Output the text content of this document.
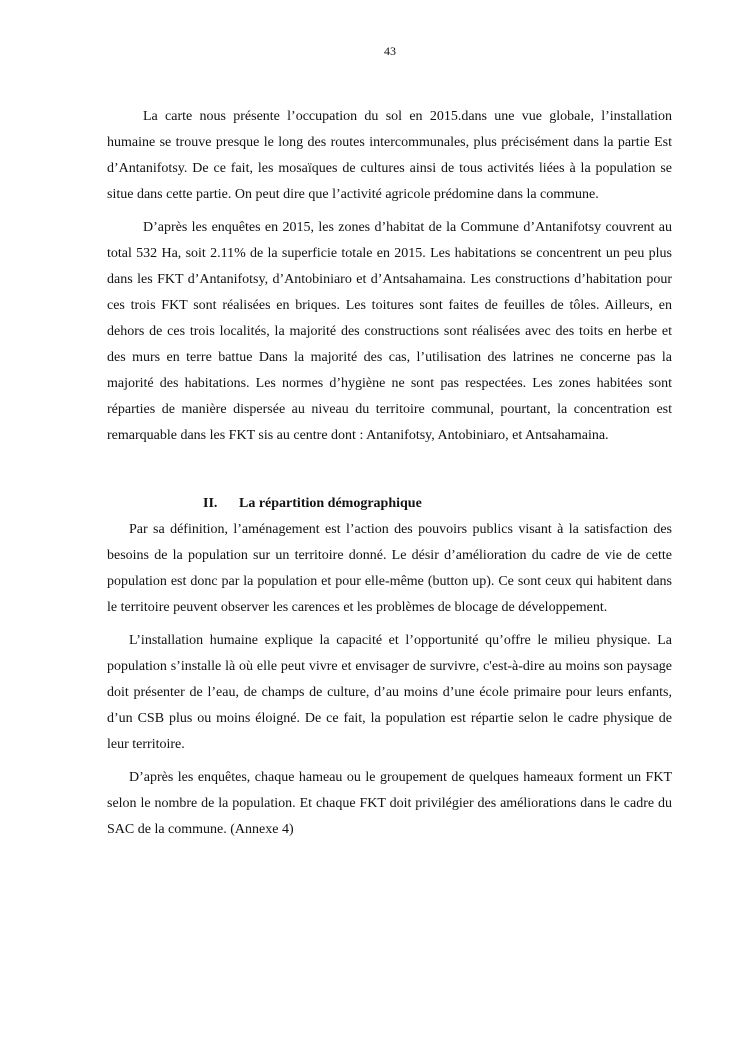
43

La carte nous présente l’occupation du sol en 2015.dans une vue globale, l’installation humaine se trouve presque le long des routes intercommunales, plus précisément dans la partie Est d’Antanifotsy. De ce fait, les mosaïques de cultures ainsi de tous activités liées à la population se situe dans cette partie. On peut dire que l’activité agricole prédomine dans la commune.

D’après les enquêtes en 2015, les zones d’habitat de la Commune d’Antanifotsy couvrent au total 532 Ha, soit 2.11% de la superficie totale en 2015. Les habitations se concentrent un peu plus dans les FKT d’Antanifotsy, d’Antobiniaro et d’Antsahamaina. Les constructions d’habitation pour ces trois FKT sont réalisées en briques. Les toitures sont faites de feuilles de tôles. Ailleurs, en dehors de ces trois localités, la majorité des constructions sont réalisées avec des toits en herbe et des murs en terre battue Dans la majorité des cas, l’utilisation des latrines ne concerne pas la majorité des habitations. Les normes d’hygiène ne sont pas respectées. Les zones habitées sont réparties de manière dispersée au niveau du territoire communal, pourtant, la concentration est remarquable dans les FKT sis au centre dont : Antanifotsy, Antobiniaro, et Antsahamaina.

II. La répartition démographique

Par sa définition, l’aménagement est l’action des pouvoirs publics visant à la satisfaction des besoins de la population sur un territoire donné. Le désir d’amélioration du cadre de vie de cette population est donc par la population et pour elle-même (button up). Ce sont ceux qui habitent dans le territoire peuvent observer les carences et les problèmes de blocage de développement.

L’installation humaine explique la capacité et l’opportunité qu’offre le milieu physique. La population s’installe là où elle peut vivre et envisager de survivre, c'est-à-dire au moins son paysage doit présenter de l’eau, de champs de culture, d’au moins d’une école primaire pour leurs enfants, d’un CSB plus ou moins éloigné. De ce fait, la population est répartie selon le cadre physique de leur territoire.

D’après les enquêtes, chaque hameau ou le groupement de quelques hameaux forment un FKT selon le nombre de la population. Et chaque FKT doit privilégier des améliorations dans le cadre du SAC de la commune. (Annexe 4)
